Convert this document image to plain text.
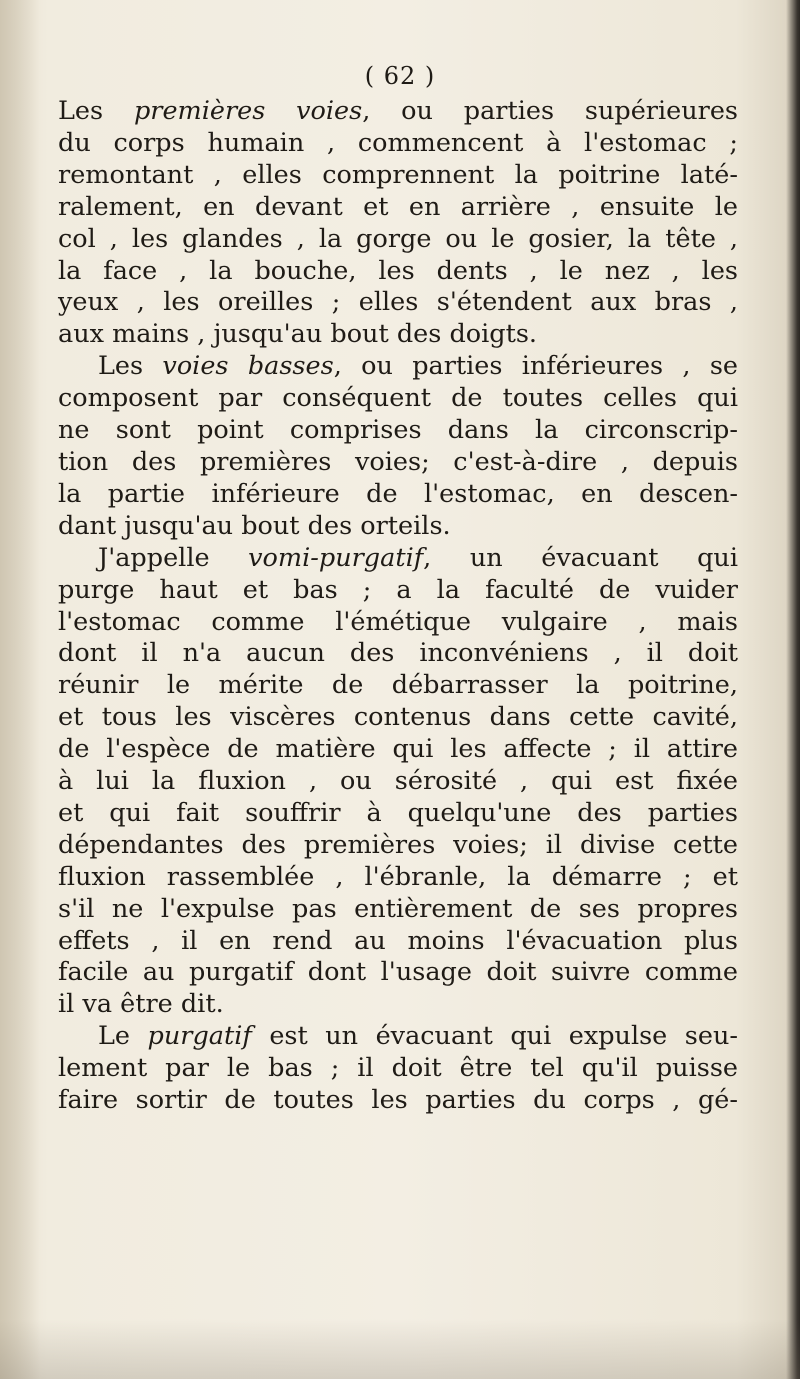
( 62 )
Les premières voies, ou parties supérieures
du corps humain , commencent à l'estomac ;
remontant , elles comprennent la poitrine laté-
ralement, en devant et en arrière , ensuite le
col , les glandes , la gorge ou le gosier, la tête ,
la face , la bouche, les dents , le nez , les
yeux , les oreilles ; elles s'étendent aux bras ,
aux mains , jusqu'au bout des doigts.
Les voies basses, ou parties inférieures , se
composent par conséquent de toutes celles qui
ne sont point comprises dans la circonscrip-
tion des premières voies; c'est-à-dire , depuis
la partie inférieure de l'estomac, en descen-
dant jusqu'au bout des orteils.
J'appelle vomi-purgatif, un évacuant qui
purge haut et bas ; a la faculté de vuider
l'estomac comme l'émétique vulgaire , mais
dont il n'a aucun des inconvéniens , il doit
réunir le mérite de débarrasser la poitrine,
et tous les viscères contenus dans cette cavité,
de l'espèce de matière qui les affecte ; il attire
à lui la fluxion , ou sérosité , qui est fixée
et qui fait souffrir à quelqu'une des parties
dépendantes des premières voies; il divise cette
fluxion rassemblée , l'ébranle, la démarre ; et
s'il ne l'expulse pas entièrement de ses propres
effets , il en rend au moins l'évacuation plus
facile au purgatif dont l'usage doit suivre comme
il va être dit.
Le purgatif est un évacuant qui expulse seu-
lement par le bas ; il doit être tel qu'il puisse
faire sortir de toutes les parties du corps , gé-
